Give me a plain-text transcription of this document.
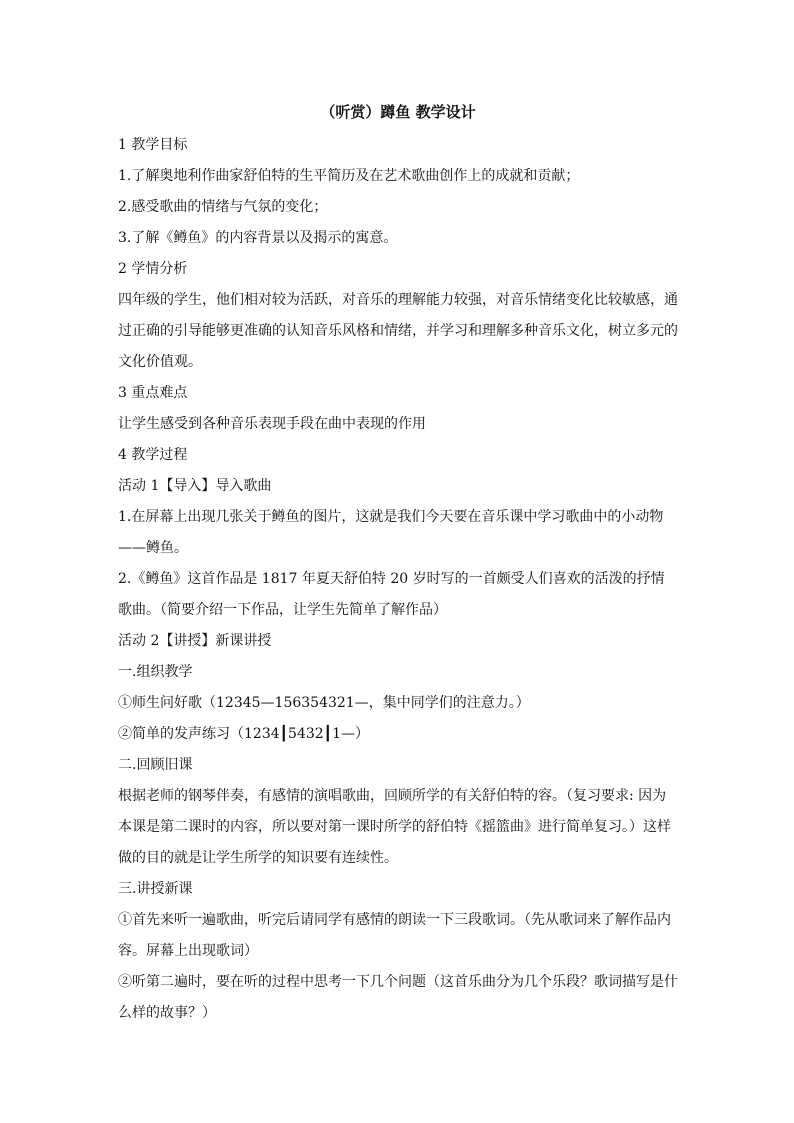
（听赏）蹲鱼 教学设计

1 教学目标

1.了解奥地利作曲家舒伯特的生平简历及在艺术歌曲创作上的成就和贡献；

2.感受歌曲的情绪与气氛的变化；

3.了解《鳟鱼》的内容背景以及揭示的寓意。

2 学情分析

四年级的学生，他们相对较为活跃，对音乐的理解能力较强，对音乐情绪变化比较敏感，通过正确的引导能够更准确的认知音乐风格和情绪，并学习和理解多种音乐文化，树立多元的文化价值观。

3 重点难点

让学生感受到各种音乐表现手段在曲中表现的作用

4 教学过程

活动 1【导入】导入歌曲

1.在屏幕上出现几张关于鳟鱼的图片，这就是我们今天要在音乐课中学习歌曲中的小动物——鳟鱼。

2.《鳟鱼》这首作品是 1817 年夏天舒伯特 20 岁时写的一首颇受人们喜欢的活泼的抒情歌曲。（简要介绍一下作品，让学生先简单了解作品）

活动 2【讲授】新课讲授

一.组织教学

①师生问好歌（12345—156354321—，集中同学们的注意力。）

②简单的发声练习（1234┃5432┃1—）

二.回顾旧课

根据老师的钢琴伴奏，有感情的演唱歌曲，回顾所学的有关舒伯特的容。（复习要求: 因为本课是第二课时的内容，所以要对第一课时所学的舒伯特《摇篮曲》进行简单复习。）这样做的目的就是让学生所学的知识要有连续性。

三.讲授新课

①首先来听一遍歌曲，听完后请同学有感情的朗读一下三段歌词。（先从歌词来了解作品内容。屏幕上出现歌词）

②听第二遍时，要在听的过程中思考一下几个问题（这首乐曲分为几个乐段？歌词描写是什么样的故事？）
